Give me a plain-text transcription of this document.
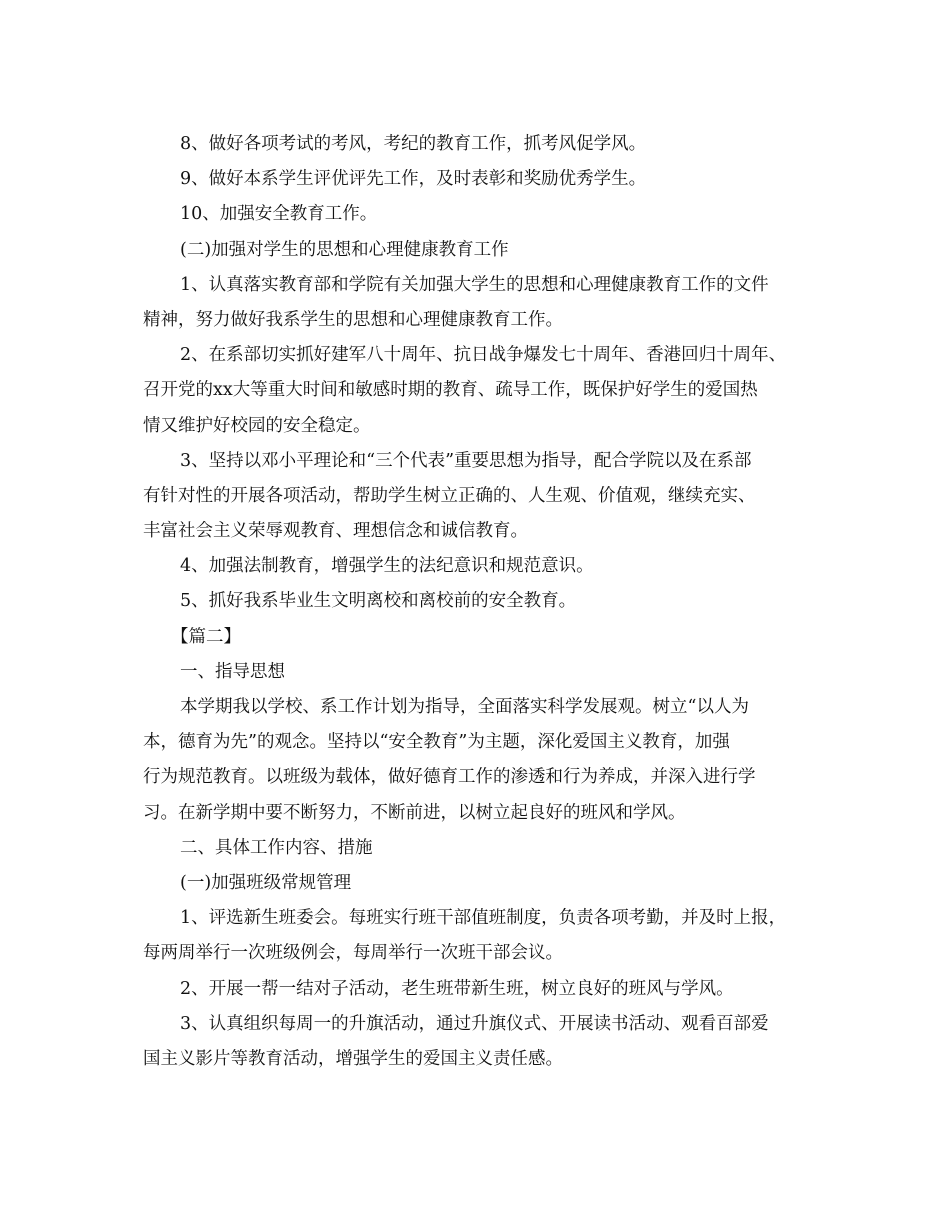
8、做好各项考试的考风，考纪的教育工作，抓考风促学风。

9、做好本系学生评优评先工作，及时表彰和奖励优秀学生。

10、加强安全教育工作。

(二)加强对学生的思想和心理健康教育工作

1、认真落实教育部和学院有关加强大学生的思想和心理健康教育工作的文件
精神，努力做好我系学生的思想和心理健康教育工作。

2、在系部切实抓好建军八十周年、抗日战争爆发七十周年、香港回归十周年、
召开党的xx大等重大时间和敏感时期的教育、疏导工作，既保护好学生的爱国热
情又维护好校园的安全稳定。

3、坚持以邓小平理论和“三个代表”重要思想为指导，配合学院以及在系部
有针对性的开展各项活动，帮助学生树立正确的、人生观、价值观，继续充实、
丰富社会主义荣辱观教育、理想信念和诚信教育。

4、加强法制教育，增强学生的法纪意识和规范意识。

5、抓好我系毕业生文明离校和离校前的安全教育。

【篇二】

一、指导思想

本学期我以学校、系工作计划为指导，全面落实科学发展观。树立“以人为
本，德育为先”的观念。坚持以“安全教育”为主题，深化爱国主义教育，加强
行为规范教育。以班级为载体，做好德育工作的渗透和行为养成，并深入进行学
习。在新学期中要不断努力，不断前进，以树立起良好的班风和学风。

二、具体工作内容、措施

(一)加强班级常规管理

1、评选新生班委会。每班实行班干部值班制度，负责各项考勤，并及时上报，
每两周举行一次班级例会，每周举行一次班干部会议。

2、开展一帮一结对子活动，老生班带新生班，树立良好的班风与学风。

3、认真组织每周一的升旗活动，通过升旗仪式、开展读书活动、观看百部爱
国主义影片等教育活动，增强学生的爱国主义责任感。
